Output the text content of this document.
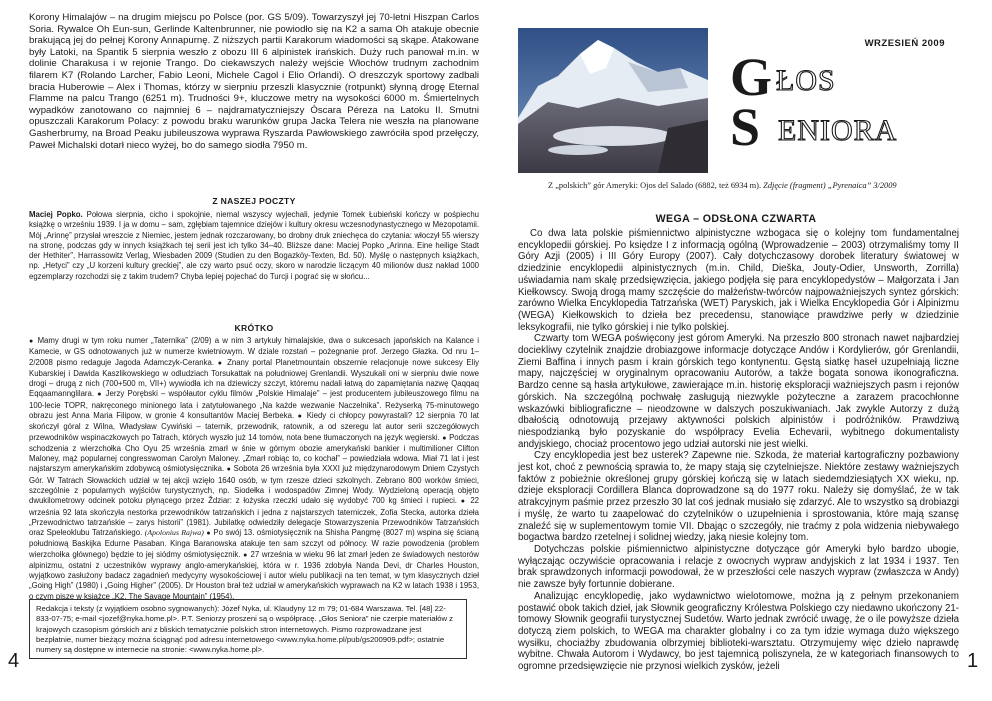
Korony Himalajów – na drugim miejscu po Polsce (por. GS 5/09). Towarzyszył jej 70-letni Hiszpan Carlos Soria. Rywalce Oh Eun-sun, Gerlinde Kaltenbrunner, nie powiodło się na K2 a sama Oh atakuje obecnie brakującą jej do pełnej Korony Annapurnę. Z niższych partii Karakorum wiadomości są skąpe. Atakowane były Latoki, na Spantik 5 sierpnia weszło z obozu III 6 alpinistek irańskich. Duży ruch panował m.in. w dolinie Charakusa i w rejonie Trango. Do ciekawszych należy wejście Włochów trudnym zachodnim filarem K7 (Rolando Larcher, Fabio Leoni, Michele Cagol i Elio Orlandi). O dreszczyk sportowy zadbali bracia Huberowie – Alex i Thomas, którzy w sierpniu przeszli klasycznie (rotpunkt) słynną drogę Eternal Flamme na palcu Trango (6251 m). Trudności 9+, kluczowe metry na wysokości 6000 m. Śmiertelnych wypadków zanotowano co najmniej 6 – najdramatyczniejszy Óscara Péreza na Latoku II. Smutni opuszczali Karakorum Polacy: z powodu braku warunków grupa Jacka Telera nie weszła na planowane Gasherbrumy, na Broad Peaku jubileuszowa wyprawa Ryszarda Pawłowskiego zawróciła spod przełęczy, Paweł Michalski dotarł nieco wyżej, bo do samego siodła 7950 m.

Z NASZEJ POCZTY

Maciej Popko. Połowa sierpnia, cicho i spokojnie, niemal wszyscy wyjechali, jedynie Tomek Łubieński kończy w pośpiechu książkę o wrześniu 1939. I ja w domu – sam, zgłębiam tajemnice dziejów i kultury okresu wczesnodynastycznego w Mezopotamii. Mój „Arinnę” przysłał wreszcie z Niemiec, jestem jednak rozczarowany, bo drobny druk zniechęca do czytania: włoczył 55 wierszy na stronę, podczas gdy w innych książkach tej serii jest ich tylko 34–40. Bliższe dane: Maciej Popko „Arinna. Eine heilige Stadt der Hethiter”, Harrassowitz Verlag, Wiesbaden 2009 (Studien zu den Bogazköy-Texten, Bd. 50). Myślę o następnych książkach, np. „Hetyci” czy „U korzeni kultury greckiej”, ale czy warto psuć oczy, skoro w narodzie liczącym 40 milionów dusz nakład 1000 egzemplarzy rozchodzi się z takim trudem? Chyba lepiej pojechać do Turcji i pograć się w słońcu...

KRÓTKO

● Mamy drugi w tym roku numer „Taternika” (2/09) a w nim 3 artykuły himalajskie, dwa o sukcesach japońskich na Kalance i Kamecie, w GS odnotowanych już w numerze kwietniowym. W dziale rozstań – pożegnanie prof. Jerzego Głazka. Od nru 1–2/2008 pismo redaguje Jagoda Adamczyk-Ceranka. ● Znany portal Planetmountain obszernie relacjonuje nowe sukcesy Eliy Kubarskiej i Dawida Kaszlikowskiego w odludziach Torsukattak na południowej Grenlandii. Wyszukali oni w sierpniu dwie nowe drogi – drugą z nich (700+500 m, VII+) wywiodła ich na dziewiczy szczyt, któremu nadali łatwą do zapamiętania nazwę Qaqqaq Eqqaamannglilara. ● Jerzy Porębski – współautor cyklu filmów „Polskie Himalaje” – jest producentem jubileuszowego filmu na 100-lecie TOPR, nakręconego minionego lata i zatytułowanego „Na każde wezwanie Naczelnika”. Reżyserką 75-minutowego obrazu jest Anna Maria Filipow, w gronie 4 konsultantów Maciej Berbeka. ● Kiedy ci chłopcy powyrastali? 12 sierpnia 70 lat skończył góral z Wilna, Władysław Cywiński – taternik, przewodnik, ratownik, a od szeregu lat autor serii szczegółowych przewodników wspinaczkowych po Tatrach, których wyszło już 14 tomów, nota bene tłumaczonych na język węgierski. ● Podczas schodzenia z wierzchołka Cho Oyu 25 września zmarł w śnie w górnym obozie amerykański bankier i multimilioner Clifton Maloney, mąż popularnej congresswoman Carolyn Maloney. „Zmarł robiąc to, co kochał” – powiedziała wdowa. Miał 71 lat i jest najstarszym amerykańskim zdobywcą ośmiotysięcznika. ● Sobota 26 września była XXXI już międzynarodowym Dniem Czystych Gór. W Tatrach Słowackich udział w tej akcji wzięło 1640 osób, w tym rzesze dzieci szkolnych. Zebrano 800 worków śmieci, szczególnie z popularnych wyjściów turystycznych, np. Siodełka i wodospadów Zimnej Wody. Wydzieloną operacją objęto dwukilometrowy odcinek potoku płynącego przez Ždziar: z łożyska rzeczki udało się wydobyć 700 kg śmieci i rupieci. ● 22 września 92 lata skończyła nestorka przewodników tatrzańskich i jedna z najstarszych taterniczek, Zofia Stecka, autorka dzieła „Przewodnictwo tatrzańskie – zarys historii” (1981). Jubilatkę odwiedziły delegacje Stowarzyszenia Przewodników Tatrzańskich oraz Speleoklubu Tatrzańskiego. (Apolonius Rajwa) ● Po swój 13. ośmiotysięcznik na Shisha Pangmę (8027 m) wspina się ścianą południową Baskijka Edurne Pasaban. Kinga Baranowska atakuje ten sam szczyt od północy. W razie powodzenia (problem wierzchołka głównego) będzie to jej siódmy ośmiotysięcznik. ● 27 września w wieku 96 lat zmarł jeden ze świadowych nestorów alpinizmu, ostatni z uczestników wyprawy anglo-amerykańskiej, która w r. 1936 zdobyła Nanda Devi, dr Charles Houston, wyjątkowo zasłużony badacz zagadnień medycyny wysokościowej i autor wielu publikacji na ten temat, w tym klasycznych dzieł „Going High” (1980) i „Going Higher” (2005). Dr Houston brał też udział w amerykańskich wyprawach na K2 w latach 1938 i 1953, o czym pisze w książce „K2. The Savage Mountain” (1954).

Redakcja i teksty (z wyjątkiem osobno sygnowanych): Józef Nyka, ul. Klaudyny 12 m 79; 01-684 Warszawa. Tel. [48] 22-833-07-75; e-mail <jozef@nyka.home.pl>. P.T. Seniorzy proszeni są o współpracę. „Głos Seniora” nie czerpie materiałów z krajowych czasopism górskich ani z bliskich tematycznie polskich stron internetowych. Pismo rozprowadzane jest bezpłatnie, numer bieżący można ściągnąć pod adresu internetowego <www.nyka.home.pl/pub/gs200909.pdf>; ostatnie numery są dostępne w internecie na stronie: <www.nyka.home.pl>.
4
WRZESIEŃ 2009
G ŁOS
S ENIORA
Z „polskich” gór Ameryki: Ojos del Salado (6882, też 6934 m). Zdjęcie (fragment) „Pyrenaica” 3/2009
WEGA – ODSŁONA CZWARTA

Co dwa lata polskie piśmiennictwo alpinistyczne wzbogaca się o kolejny tom fundamentalnej encyklopedii górskiej. Po księdze I z informacją ogólną (Wprowadzenie – 2003) otrzymaliśmy tomy II Góry Azji (2005) i III Góry Europy (2007). Cały dotychczasowy dorobek literatury światowej w dziedzinie encyklopedii alpinistycznych (m.in. Child, Dieška, Jouty-Odier, Unsworth, Zorrilla) uświadamia nam skalę przedsięwzięcia, jakiego podjęła się para encyklopedystów – Małgorzata i Jan Kiełkowscy. Swoją drogą mamy szczęście do małżeństw-twórców najpoważniejszych syntez górskich: zarówno Wielka Encyklopedia Tatrzańska (WET) Paryskich, jak i Wielka Encyklopedia Gór i Alpinizmu (WEGA) Kiełkowskich to dzieła bez precedensu, stanowiące prawdziwe perły w dziedzinie leksykografii, nie tylko górskiej i nie tylko polskiej.

Czwarty tom WEGA poświęcony jest górom Ameryki. Na przeszło 800 stronach nawet najbardziej dociekliwy czytelnik znajdzie drobiazgowe informacje dotyczące Andów i Kordylierów, gór Grenlandii, Ziemi Baffina i innych pasm i krain górskich tego kontynentu. Gęstą siatkę haseł uzupełniają liczne mapy, najczęściej w oryginalnym opracowaniu Autorów, a także bogata sonowa ikonograficzna. Bardzo cenne są hasła artykułowe, zawierające m.in. historię eksploracji ważniejszych pasm i rejonów górskich. Na szczególną pochwałę zasługują niezwykle pożyteczne a zarazem pracochłonne wskazówki bibliograficzne – nieodzowne w dalszych poszukiwaniach. Jak zwykle Autorzy z dużą dbałością odnotowują przejawy aktywności polskich alpinistów i podróżników. Prawdziwą niespodzianką było pozyskanie do współpracy Evelia Echevarii, wybitnego dokumentalisty andyjskiego, chociaż procentowo jego udział autorski nie jest wielki.

Czy encyklopedia jest bez usterek? Zapewne nie. Szkoda, że materiał kartograficzny pozbawiony jest kot, choć z pewnością sprawia to, że mapy stają się czytelniejsze. Niektóre zestawy ważniejszych faktów z pobieżnie określonej grupy górskiej kończą się w latach siedemdziesiątych XX wieku, np. dzieje eksploracji Cordillera Blanca doprowadzone są do 1977 roku. Należy się domyślać, że w tak atrakcyjnym paśmie przez przeszło 30 lat coś jednak musiało się zdarzyć. Ale to wszystko są drobiazgi i myślę, że warto tu zaapelować do czytelników o uzupełnienia i sprostowania, które mają szansę znaleźć się w suplementowym tomie VII. Dbając o szczegóły, nie traćmy z pola widzenia niebywałego bogactwa bardzo rzetelnej i solidnej wiedzy, jaką niesie kolejny tom.

Dotychczas polskie piśmiennictwo alpinistyczne dotyczące gór Ameryki było bardzo ubogie, wyłączając oczywiście opracowania i relacje z owocnych wypraw andyjskich z lat 1934 i 1937. Ten brak sprawdzonych informacji powodował, że w przeszłości cele naszych wypraw (zwłaszcza w Andy) nie zawsze były fortunnie dobierane.

Analizując encyklopedię, jako wydawnictwo wielotomowe, można ją z pełnym przekonaniem postawić obok takich dzieł, jak Słownik geograficzny Królestwa Polskiego czy niedawno ukończony 21-tomowy Słownik geografii turystycznej Sudetów. Warto jednak zwrócić uwagę, że o ile powyższe dzieła dotyczą ziem polskich, to WEGA ma charakter globalny i co za tym idzie wymaga dużo większego wysiłku, chociażby zbudowania olbrzymiej biblioteki-warsztatu. Otrzymujemy więc dzieło naprawdę wybitne. Chwała Autorom i Wydawcy, bo jest tajemnicą poliszynela, że w kategoriach finansowych to ogromne przedsięwzięcie nie przynosi wielkich zysków, jeżeli	1
